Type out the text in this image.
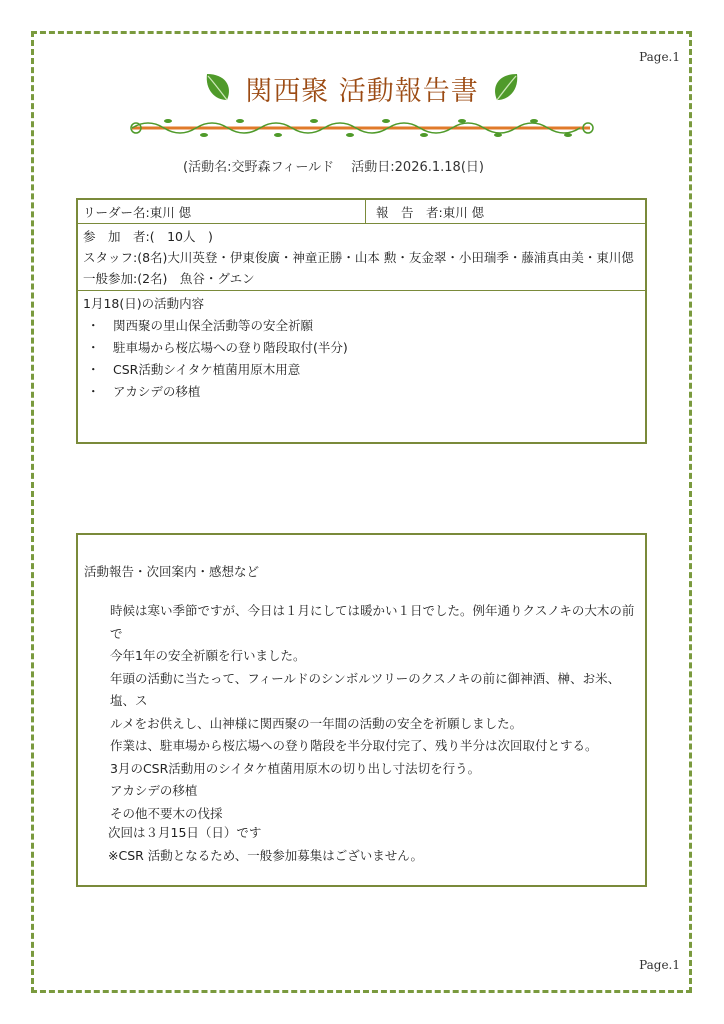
Page.1
Page.1
関西聚 活動報告書
(活動名:交野森フィールド　 活動日:2026.1.18(日)
リーダー名:東川 偲	報　告　者:東川 偲
参　加　者:(　10人　)
スタッフ:(8名)大川英登・伊東俊廣・神童正勝・山本 勲・友金翠・小田瑞季・藤浦真由美・東川偲
一般参加:(2名)　魚谷・グエン
1月18(日)の活動内容
・ 関西聚の里山保全活動等の安全祈願
・ 駐車場から桜広場への登り階段取付(半分)
・ CSR活動シイタケ植菌用原木用意
・ アカシデの移植
活動報告・次回案内・感想など
時候は寒い季節ですが、今日は１月にしては暖かい１日でした。例年通りクスノキの大木の前で
今年1年の安全祈願を行いました。
年頭の活動に当たって、フィールドのシンボルツリーのクスノキの前に御神酒、榊、お米、塩、ス
ルメをお供えし、山神様に関西聚の一年間の活動の安全を祈願しました。
作業は、駐車場から桜広場への登り階段を半分取付完了、残り半分は次回取付とする。
3月のCSR活動用のシイタケ植菌用原木の切り出し寸法切を行う。
アカシデの移植
その他不要木の伐採
次回は３月15日（日）です
※CSR 活動となるため、一般参加募集はございません。
